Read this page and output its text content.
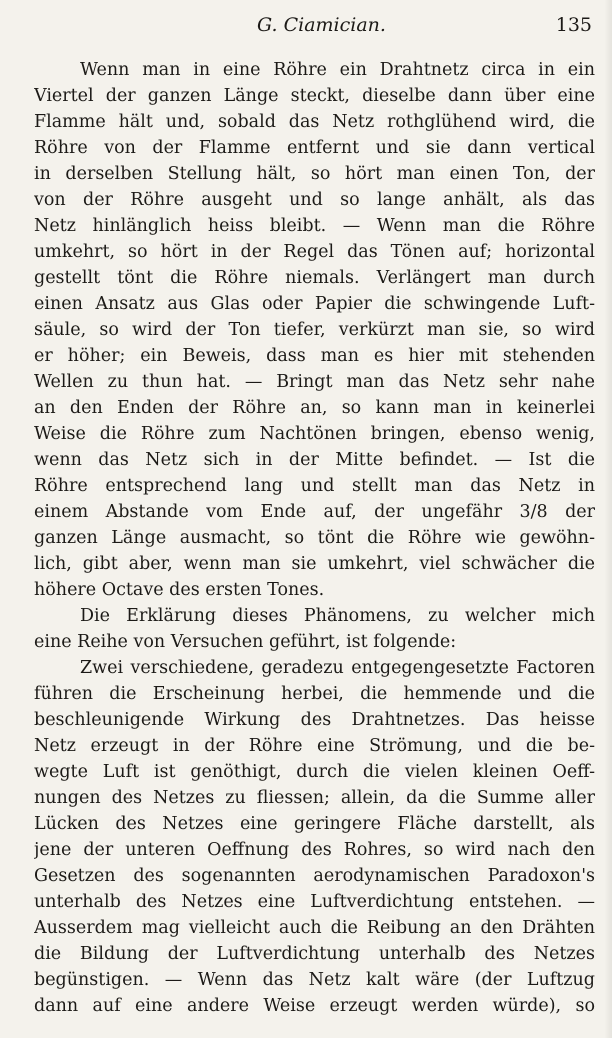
G. Ciamician.	135
Wenn man in eine Röhre ein Drahtnetz circa in ein
Viertel der ganzen Länge steckt, dieselbe dann über eine
Flamme hält und, sobald das Netz rothglühend wird, die
Röhre von der Flamme entfernt und sie dann vertical
in derselben Stellung hält, so hört man einen Ton, der
von der Röhre ausgeht und so lange anhält, als das
Netz hinlänglich heiss bleibt. — Wenn man die Röhre
umkehrt, so hört in der Regel das Tönen auf; horizontal
gestellt tönt die Röhre niemals. Verlängert man durch
einen Ansatz aus Glas oder Papier die schwingende Luft-
säule, so wird der Ton tiefer, verkürzt man sie, so wird
er höher; ein Beweis, dass man es hier mit stehenden
Wellen zu thun hat. — Bringt man das Netz sehr nahe
an den Enden der Röhre an, so kann man in keinerlei
Weise die Röhre zum Nachtönen bringen, ebenso wenig,
wenn das Netz sich in der Mitte befindet. — Ist die
Röhre entsprechend lang und stellt man das Netz in
einem Abstande vom Ende auf, der ungefähr 3/8 der
ganzen Länge ausmacht, so tönt die Röhre wie gewöhn-
lich, gibt aber, wenn man sie umkehrt, viel schwächer die
höhere Octave des ersten Tones.
Die Erklärung dieses Phänomens, zu welcher mich
eine Reihe von Versuchen geführt, ist folgende:
Zwei verschiedene, geradezu entgegengesetzte Factoren
führen die Erscheinung herbei, die hemmende und die
beschleunigende Wirkung des Drahtnetzes. Das heisse
Netz erzeugt in der Röhre eine Strömung, und die be-
wegte Luft ist genöthigt, durch die vielen kleinen Oeff-
nungen des Netzes zu fliessen; allein, da die Summe aller
Lücken des Netzes eine geringere Fläche darstellt, als
jene der unteren Oeffnung des Rohres, so wird nach den
Gesetzen des sogenannten aerodynamischen Paradoxon's
unterhalb des Netzes eine Luftverdichtung entstehen. —
Ausserdem mag vielleicht auch die Reibung an den Drähten
die Bildung der Luftverdichtung unterhalb des Netzes
begünstigen. — Wenn das Netz kalt wäre (der Luftzug
dann auf eine andere Weise erzeugt werden würde), so
